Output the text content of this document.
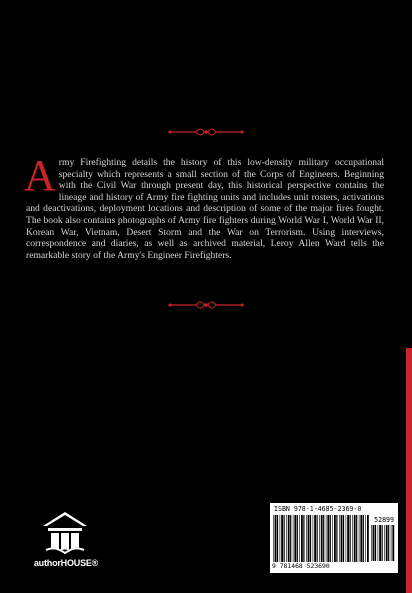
Army Firefighting details the history of this low-density military occupational specialty which represents a small section of the Corps of Engineers. Beginning with the Civil War through present day, this historical perspective contains the lineage and history of Army fire fighting units and includes unit rosters, activations and deactivations, deployment locations and description of some of the major fires fought. The book also contains photographs of Army fire fighters during World War I, World War II, Korean War, Vietnam, Desert Storm and the War on Terrorism. Using interviews, correspondence and diaries, as well as archived material, Leroy Allen Ward tells the remarkable story of the Army's Engineer Firefighters.

authorHOUSE®
ISBN 978-1-4685-2369-0
52899
9 781468 523690
